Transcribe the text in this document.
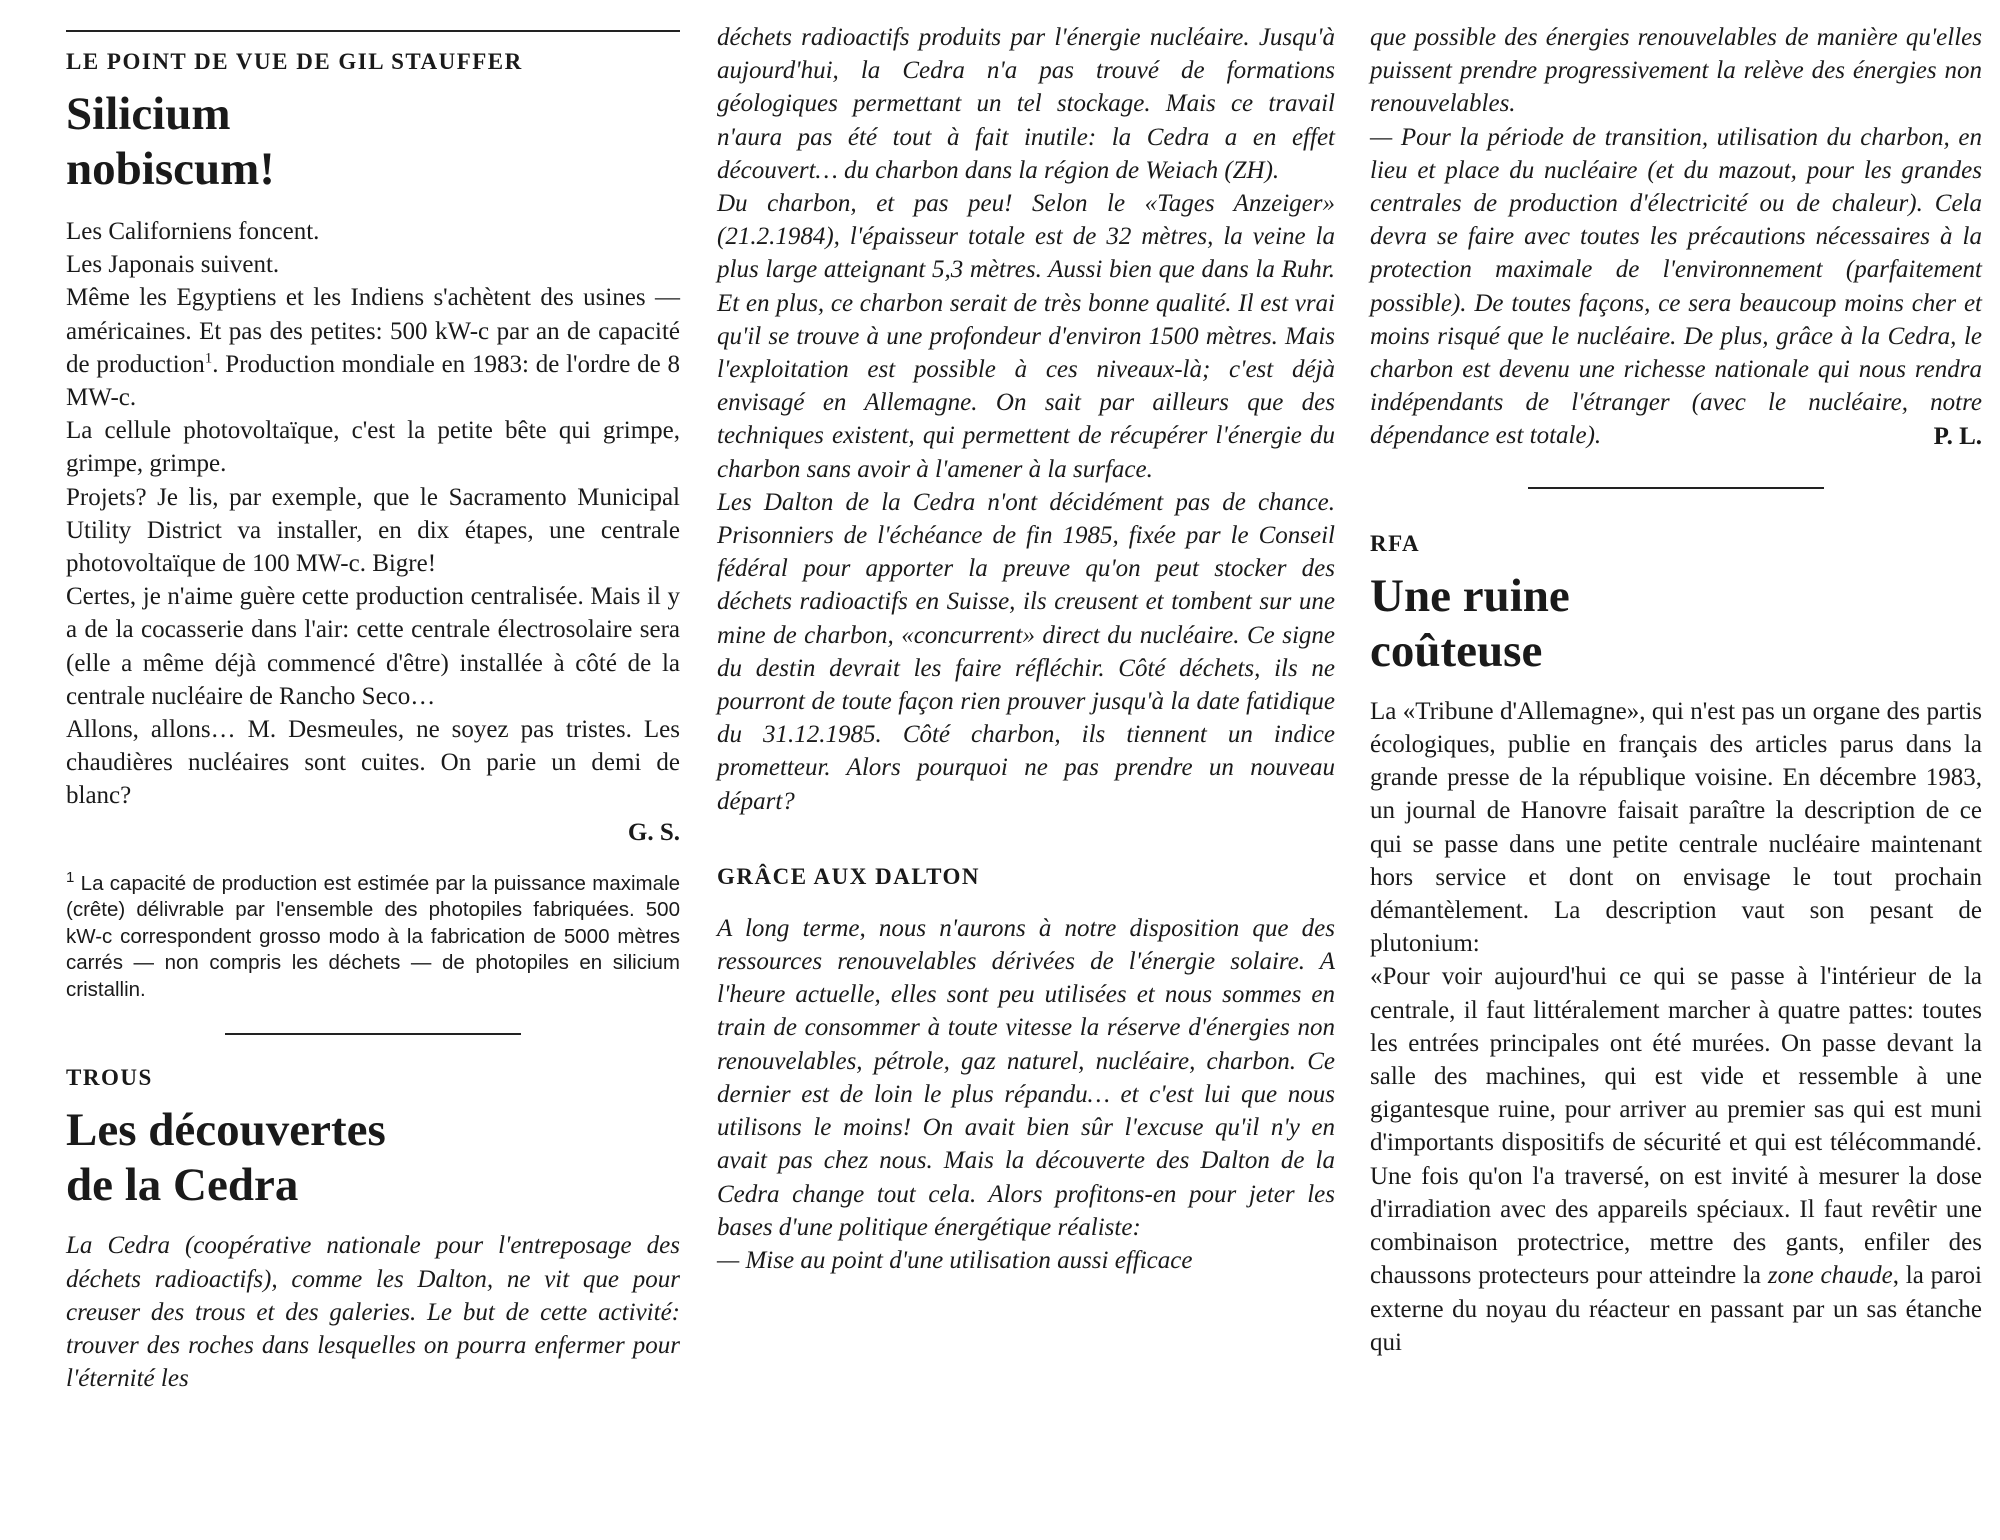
LE POINT DE VUE DE GIL STAUFFER
Silicium
nobiscum!

Les Californiens foncent.

Les Japonais suivent.

Même les Egyptiens et les Indiens s'achètent des usines — américaines. Et pas des petites: 500 kW-c par an de capacité de production$^1$. Production mondiale en 1983: de l'ordre de 8 MW-c.

La cellule photovoltaïque, c'est la petite bête qui grimpe, grimpe, grimpe.

Projets? Je lis, par exemple, que le Sacramento Municipal Utility District va installer, en dix étapes, une centrale photovoltaïque de 100 MW-c. Bigre!

Certes, je n'aime guère cette production centralisée. Mais il y a de la cocasserie dans l'air: cette centrale électrosolaire sera (elle a même déjà commencé d'être) installée à côté de la centrale nucléaire de Rancho Seco…

Allons, allons… M. Desmeules, ne soyez pas tristes. Les chaudières nucléaires sont cuites. On parie un demi de blanc?

G. S.

$^1$ La capacité de production est estimée par la puissance maximale (crête) délivrable par l'ensemble des photopiles fabriquées. 500 kW-c correspondent grosso modo à la fabrication de 5000 mètres carrés — non compris les déchets — de photopiles en silicium cristallin.

TROUS
Les découvertes
de la Cedra

La Cedra (coopérative nationale pour l'entreposage des déchets radioactifs), comme les Dalton, ne vit que pour creuser des trous et des galeries. Le but de cette activité: trouver des roches dans lesquelles on pourra enfermer pour l'éternité les

déchets radioactifs produits par l'énergie nucléaire. Jusqu'à aujourd'hui, la Cedra n'a pas trouvé de formations géologiques permettant un tel stockage. Mais ce travail n'aura pas été tout à fait inutile: la Cedra a en effet découvert… du charbon dans la région de Weiach (ZH).

Du charbon, et pas peu! Selon le «Tages Anzeiger» (21.2.1984), l'épaisseur totale est de 32 mètres, la veine la plus large atteignant 5,3 mètres. Aussi bien que dans la Ruhr. Et en plus, ce charbon serait de très bonne qualité. Il est vrai qu'il se trouve à une profondeur d'environ 1500 mètres. Mais l'exploitation est possible à ces niveaux-là; c'est déjà envisagé en Allemagne. On sait par ailleurs que des techniques existent, qui permettent de récupérer l'énergie du charbon sans avoir à l'amener à la surface.

Les Dalton de la Cedra n'ont décidément pas de chance. Prisonniers de l'échéance de fin 1985, fixée par le Conseil fédéral pour apporter la preuve qu'on peut stocker des déchets radioactifs en Suisse, ils creusent et tombent sur une mine de charbon, «concurrent» direct du nucléaire. Ce signe du destin devrait les faire réfléchir. Côté déchets, ils ne pourront de toute façon rien prouver jusqu'à la date fatidique du 31.12.1985. Côté charbon, ils tiennent un indice prometteur. Alors pourquoi ne pas prendre un nouveau départ?

GRÂCE AUX DALTON

A long terme, nous n'aurons à notre disposition que des ressources renouvelables dérivées de l'énergie solaire. A l'heure actuelle, elles sont peu utilisées et nous sommes en train de consommer à toute vitesse la réserve d'énergies non renouvelables, pétrole, gaz naturel, nucléaire, charbon. Ce dernier est de loin le plus répandu… et c'est lui que nous utilisons le moins! On avait bien sûr l'excuse qu'il n'y en avait pas chez nous. Mais la découverte des Dalton de la Cedra change tout cela. Alors profitons-en pour jeter les bases d'une politique énergétique réaliste:

— Mise au point d'une utilisation aussi efficace

que possible des énergies renouvelables de manière qu'elles puissent prendre progressivement la relève des énergies non renouvelables.

— Pour la période de transition, utilisation du charbon, en lieu et place du nucléaire (et du mazout, pour les grandes centrales de production d'électricité ou de chaleur). Cela devra se faire avec toutes les précautions nécessaires à la protection maximale de l'environnement (parfaitement possible). De toutes façons, ce sera beaucoup moins cher et moins risqué que le nucléaire. De plus, grâce à la Cedra, le charbon est devenu une richesse nationale qui nous rendra indépendants de l'étranger (avec le nucléaire, notre dépendance est totale).	P. L.

RFA
Une ruine
coûteuse

La «Tribune d'Allemagne», qui n'est pas un organe des partis écologiques, publie en français des articles parus dans la grande presse de la république voisine. En décembre 1983, un journal de Hanovre faisait paraître la description de ce qui se passe dans une petite centrale nucléaire maintenant hors service et dont on envisage le tout prochain démantèlement. La description vaut son pesant de plutonium:

«Pour voir aujourd'hui ce qui se passe à l'intérieur de la centrale, il faut littéralement marcher à quatre pattes: toutes les entrées principales ont été murées. On passe devant la salle des machines, qui est vide et ressemble à une gigantesque ruine, pour arriver au premier sas qui est muni d'importants dispositifs de sécurité et qui est télécommandé. Une fois qu'on l'a traversé, on est invité à mesurer la dose d'irradiation avec des appareils spéciaux. Il faut revêtir une combinaison protectrice, mettre des gants, enfiler des chaussons protecteurs pour atteindre la zone chaude, la paroi externe du noyau du réacteur en passant par un sas étanche qui
